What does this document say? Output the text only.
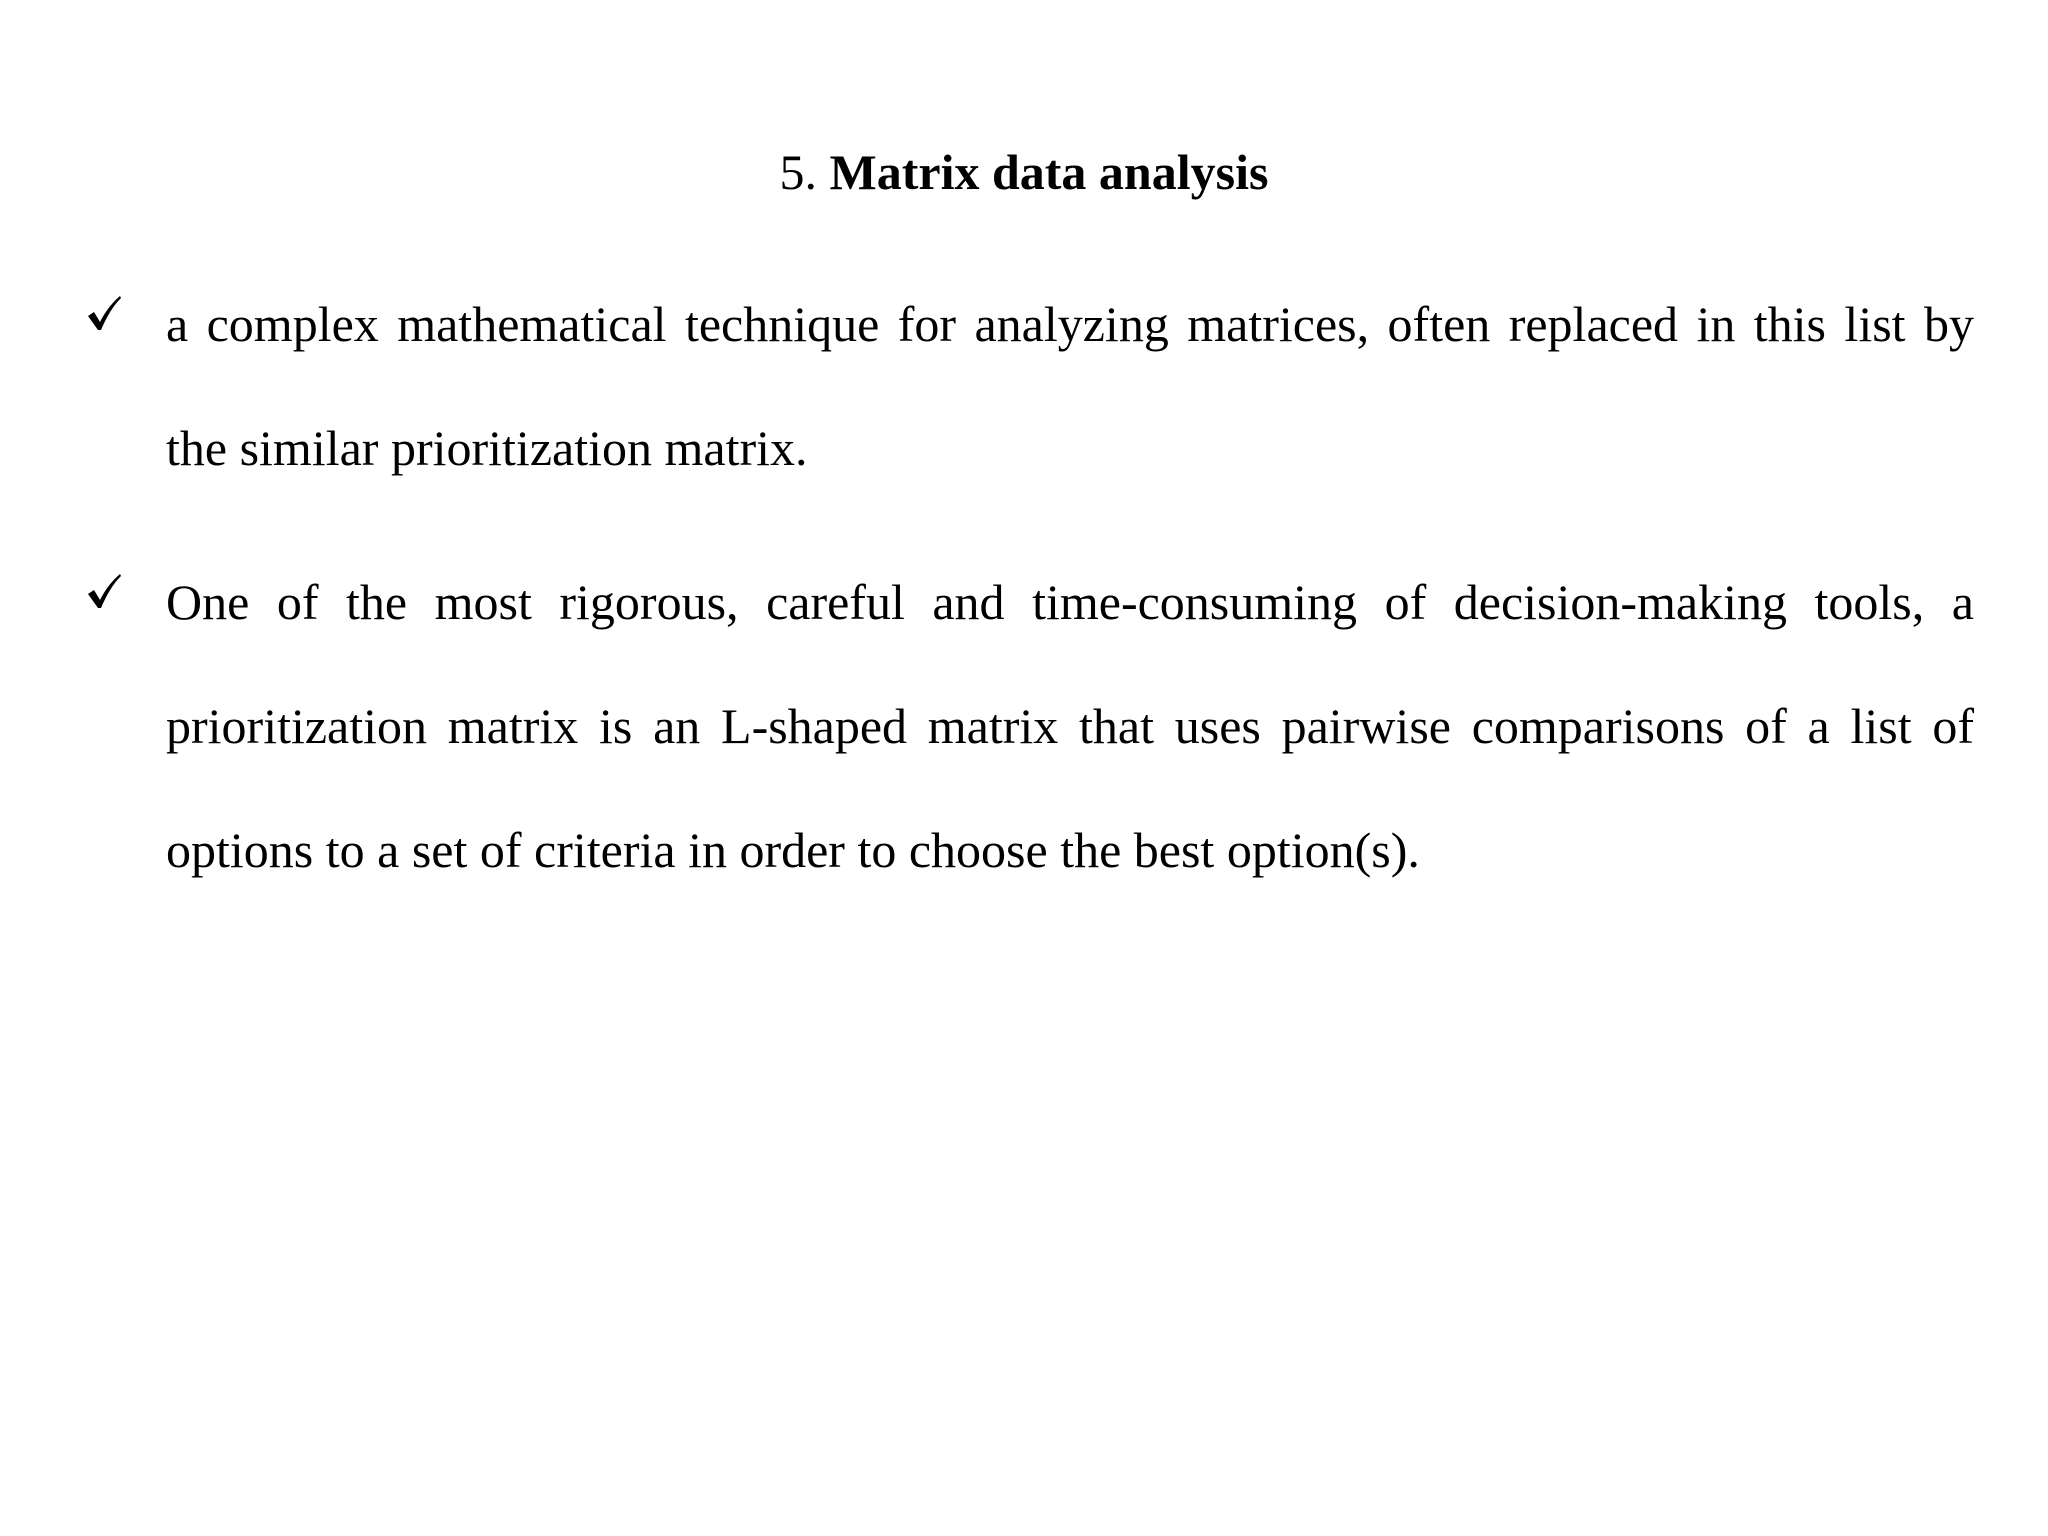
5. Matrix data analysis
a complex mathematical technique for analyzing matrices, often replaced in this list by the similar prioritization matrix.
One of the most rigorous, careful and time-consuming of decision-making tools, a prioritization matrix is an L-shaped matrix that uses pairwise comparisons of a list of options to a set of criteria in order to choose the best option(s).
